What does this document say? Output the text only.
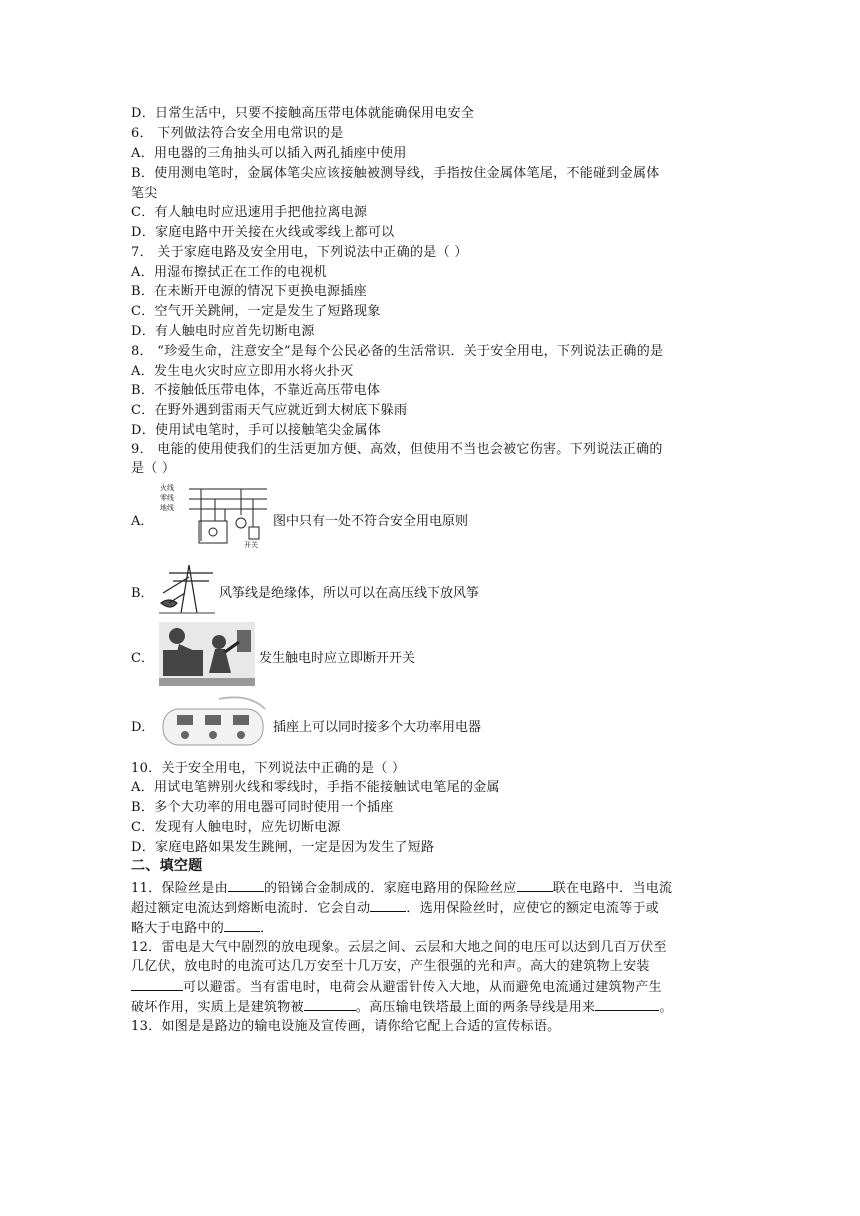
D．日常生活中，只要不接触高压带电体就能确保用电安全
6． 下列做法符合安全用电常识的是
A．用电器的三角抽头可以插入两孔插座中使用
B．使用测电笔时，金属体笔尖应该接触被测导线，手指按住金属体笔尾，不能碰到金属体
笔尖
C．有人触电时应迅速用手把他拉离电源
D．家庭电路中开关接在火线或零线上都可以
7． 关于家庭电路及安全用电，下列说法中正确的是（ ）
A．用湿布擦拭正在工作的电视机
B．在未断开电源的情况下更换电源插座
C．空气开关跳闸，一定是发生了短路现象
D．有人触电时应首先切断电源
8． “珍爱生命，注意安全”是每个公民必备的生活常识．关于安全用电，下列说法正确的是
A．发生电火灾时应立即用水将火扑灭
B．不接触低压带电体，不靠近高压带电体
C．在野外遇到雷雨天气应就近到大树底下躲雨
D．使用试电笔时，手可以接触笔尖金属体
9． 电能的使用使我们的生活更加方便、高效，但使用不当也会被它伤害。下列说法正确的
是（ ）
A．	图中只有一处不符合安全用电原则
火线
零线
地线
开关
B．	风筝线是绝缘体，所以可以在高压线下放风筝
C．	发生触电时应立即断开开关
D．	插座上可以同时接多个大功率用电器
10．关于安全用电，下列说法中正确的是（ ）
A．用试电笔辨别火线和零线时，手指不能接触试电笔尾的金属
B．多个大功率的用电器可同时使用一个插座
C．发现有人触电时，应先切断电源
D．家庭电路如果发生跳闸，一定是因为发生了短路
二、填空题
11．保险丝是由	的铅锑合金制成的．家庭电路用的保险丝应	联在电路中．当电流
超过额定电流达到熔断电流时．它会自动	．选用保险丝时，应使它的额定电流等于或
略大于电路中的	．
12．雷电是大气中剧烈的放电现象。云层之间、云层和大地之间的电压可以达到几百万伏至
几亿伏，放电时的电流可达几万安至十几万安，产生很强的光和声。高大的建筑物上安装
可以避雷。当有雷电时，电荷会从避雷针传入大地，从而避免电流通过建筑物产生
破坏作用，实质上是建筑物被	。高压输电铁塔最上面的两条导线是用来	。
13．如图是是路边的输电设施及宣传画，请你给它配上合适的宣传标语。
